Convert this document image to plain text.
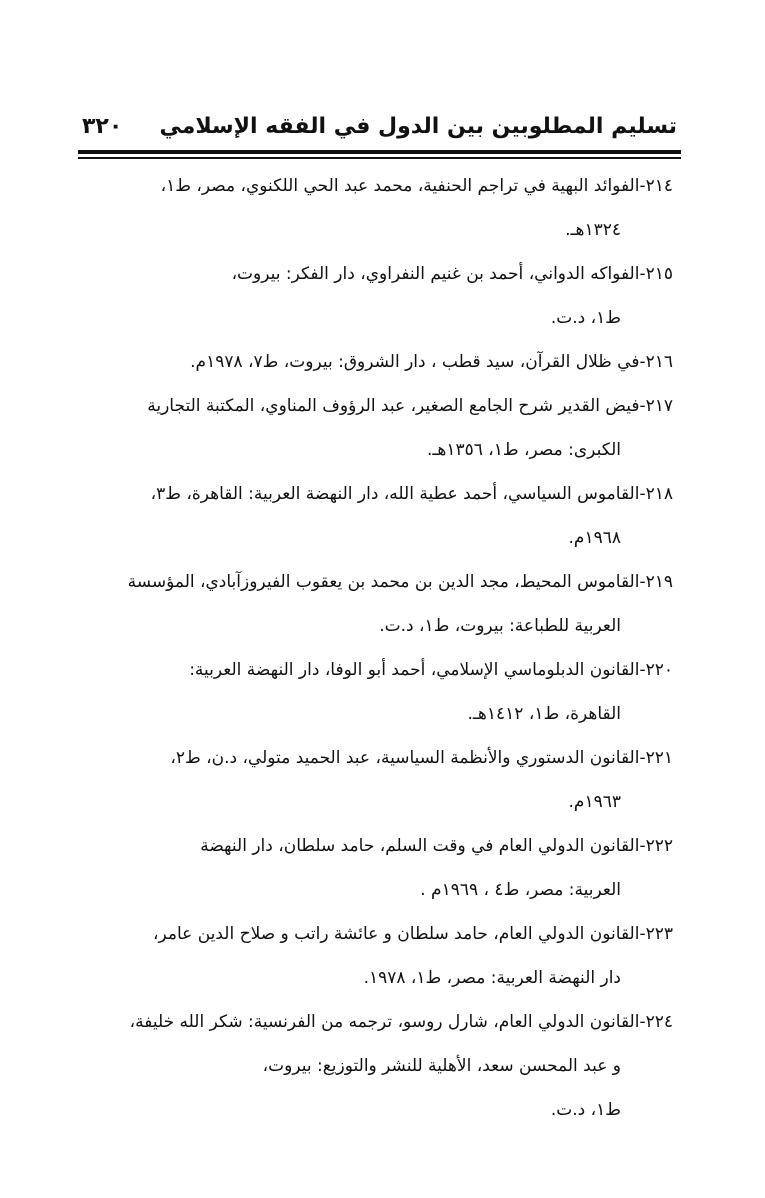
تسليم المطلوبين بين الدول في الفقه الإسلامي
٣٢٠
٢١٤-الفوائد البهية في تراجم الحنفية، محمد عبد الحي اللكنوي، مصر، ط١،
١٣٢٤هـ.
٢١٥-الفواكه الدواني، أحمد بن غنيم النفراوي، دار الفكر: بيروت،
ط١، د.ت.
٢١٦-في ظلال القرآن، سيد قطب ، دار الشروق: بيروت، ط٧، ١٩٧٨م.
٢١٧-فيض القدير شرح الجامع الصغير، عبد الرؤوف المناوي، المكتبة التجارية
الكبرى: مصر، ط١، ١٣٥٦هـ.
٢١٨-القاموس السياسي، أحمد عطية الله، دار النهضة العربية: القاهرة، ط٣،
١٩٦٨م.
٢١٩-القاموس المحيط، مجد الدين بن محمد بن يعقوب الفيروزآبادي، المؤسسة
العربية للطباعة: بيروت، ط١، د.ت.
٢٢٠-القانون الدبلوماسي الإسلامي، أحمد أبو الوفا، دار النهضة العربية:
القاهرة، ط١، ١٤١٢هـ.
٢٢١-القانون الدستوري والأنظمة السياسية، عبد الحميد متولي، د.ن، ط٢،
١٩٦٣م.
٢٢٢-القانون الدولي العام في وقت السلم، حامد سلطان، دار النهضة
العربية: مصر، ط٤ ، ١٩٦٩م .
٢٢٣-القانون الدولي العام، حامد سلطان و عائشة راتب و صلاح الدين عامر،
دار النهضة العربية: مصر، ط١، ١٩٧٨.
٢٢٤-القانون الدولي العام، شارل روسو، ترجمه من الفرنسية: شكر الله خليفة،
و عبد المحسن سعد، الأهلية للنشر والتوزيع: بيروت،
ط١، د.ت.
